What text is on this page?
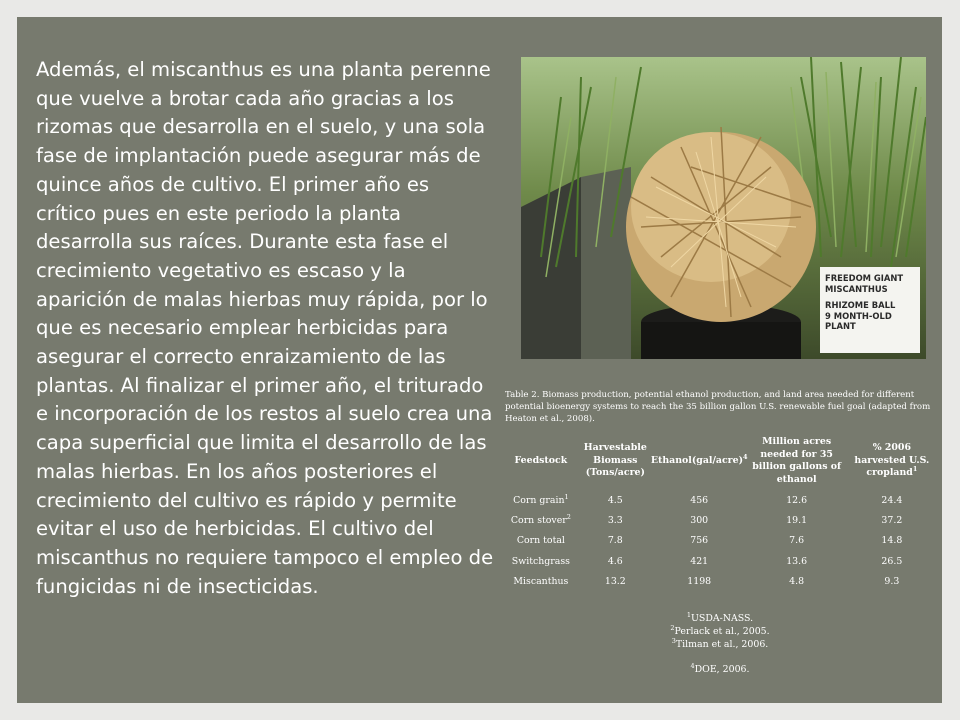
Además, el miscanthus es una planta perenne que vuelve a brotar cada año gracias a los rizomas que desarrolla en el suelo, y una sola fase de implantación puede asegurar más de quince años de cultivo. El primer año es crítico pues en este periodo la planta desarrolla sus raíces. Durante esta fase el crecimiento vegetativo es escaso y la aparición de malas hierbas muy rápida, por lo que es necesario emplear herbicidas para asegurar el correcto enraizamiento de las plantas. Al finalizar el primer año, el triturado e incorporación de los restos al suelo crea una capa superficial que limita el desarrollo de las malas hierbas. En los años posteriores el crecimiento del cultivo es rápido y permite evitar el uso de herbicidas. El cultivo del miscanthus no requiere tampoco el empleo de fungicidas ni de insecticidas.

FREEDOM GIANT
MISCANTHUS
RHIZOME BALL
9 MONTH-OLD
PLANT

Table 2. Biomass production, potential ethanol production, and land area needed for different potential bioenergy systems to reach the 35 billion gallon U.S. renewable fuel goal (adapted from Heaton et al., 2008).

Feedstock	Harvestable Biomass (Tons/acre)	Ethanol(gal/acre)$^4$	Million acres needed for 35 billion gallons of ethanol	% 2006 harvested U.S. cropland$^1$
Corn grain$^1$	4.5	456	12.6	24.4
Corn stover$^2$	3.3	300	19.1	37.2
Corn total	7.8	756	7.6	14.8
Switchgrass	4.6	421	13.6	26.5
Miscanthus	13.2	1198	4.8	9.3
$^1$USDA-NASS.
$^2$Perlack et al., 2005.
$^3$Tilman et al., 2006.
$^4$DOE, 2006.
